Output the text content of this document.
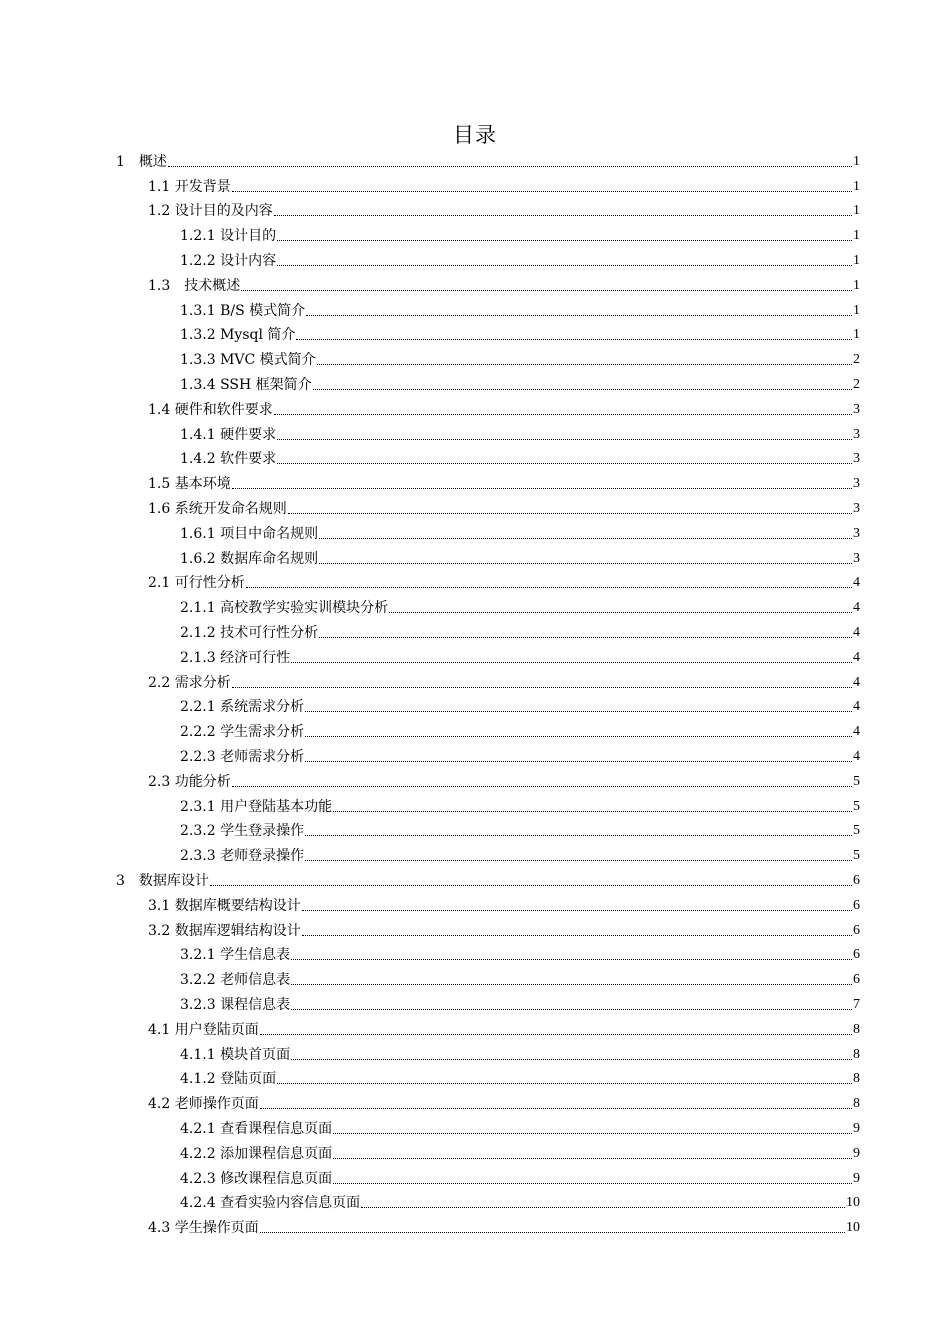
目录
1　概述	1
1.1 开发背景	1
1.2 设计目的及内容	1
1.2.1 设计目的	1
1.2.2 设计内容	1
1.3　技术概述	1
1.3.1 B/S 模式简介	1
1.3.2 Mysql 简介	1
1.3.3 MVC 模式简介	2
1.3.4 SSH 框架简介	2
1.4 硬件和软件要求	3
1.4.1 硬件要求	3
1.4.2 软件要求	3
1.5 基本环境	3
1.6 系统开发命名规则	3
1.6.1 项目中命名规则	3
1.6.2 数据库命名规则	3
2.1 可行性分析	4
2.1.1 高校教学实验实训模块分析	4
2.1.2 技术可行性分析	4
2.1.3 经济可行性	4
2.2 需求分析	4
2.2.1 系统需求分析	4
2.2.2 学生需求分析	4
2.2.3 老师需求分析	4
2.3 功能分析	5
2.3.1 用户登陆基本功能	5
2.3.2 学生登录操作	5
2.3.3 老师登录操作	5
3　数据库设计	6
3.1 数据库概要结构设计	6
3.2 数据库逻辑结构设计	6
3.2.1 学生信息表	6
3.2.2 老师信息表	6
3.2.3 课程信息表	7
4.1 用户登陆页面	8
4.1.1 模块首页面	8
4.1.2 登陆页面	8
4.2 老师操作页面	8
4.2.1 查看课程信息页面	9
4.2.2 添加课程信息页面	9
4.2.3 修改课程信息页面	9
4.2.4 查看实验内容信息页面	10
4.3 学生操作页面	10
